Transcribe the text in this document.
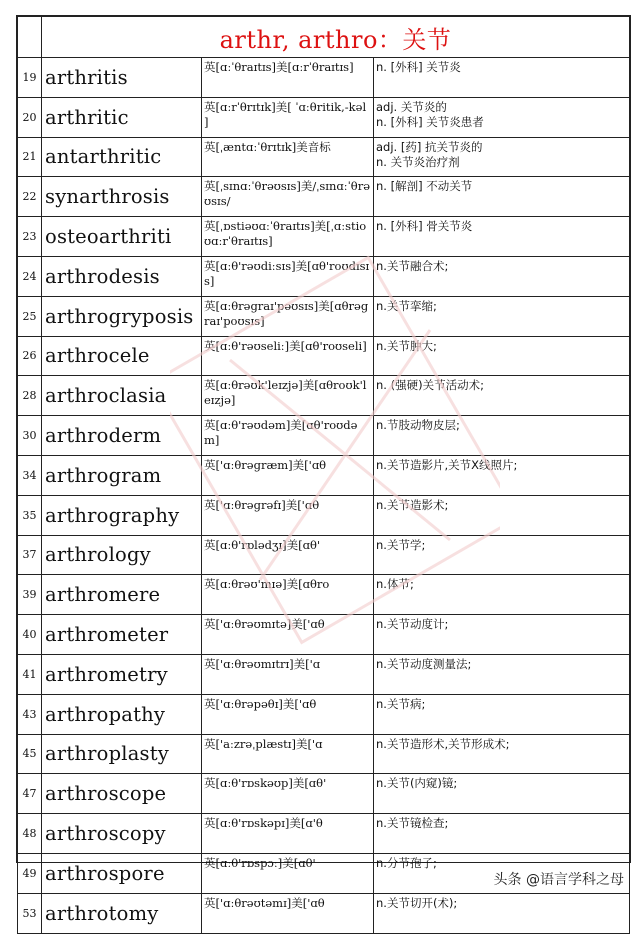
	arthr, arthro：关节		
19	arthritis	英[ɑːˈθraɪtɪs]美[ɑːrˈθraɪtɪs]	n. [外科] 关节炎
20	arthritic	英[ɑːrˈθrɪtɪk]美[ ˈɑːθritik,-kəl ]	adj. 关节炎的
n. [外科] 关节炎患者
21	antarthritic	英[ˌæntɑːˈθrɪtɪk]美音标	adj. [药] 抗关节炎的
n. 关节炎治疗剂
22	synarthrosis	英[ˌsɪnɑːˈθrəʊsɪs]美/ˌsɪnɑːˈθrəʊsɪs/	n. [解剖] 不动关节
23	osteoarthriti	英[ˌɒstiəʊɑːˈθraɪtɪs]美[ˌɑːstioʊɑːrˈθraɪtɪs]	n. [外科] 骨关节炎
24	arthrodesis	英[ɑːθ'rəʊdiːsɪs]美[ɑθ'roʊdɪsɪs]	n.关节融合术;
25	arthrogryposis	英[ɑːθrəgraɪ'pəʊsɪs]美[ɑθrəgraɪ'poʊsɪs]	n.关节挛缩;
26	arthrocele	英[ɑːθ'rəʊseliː]美[ɑθ'roʊseli]	n.关节肿大;
28	arthroclasia	英[ɑːθrəʊk'leɪzjə]美[ɑθroʊk'leɪzjə]	n. (强硬)关节活动术;
30	arthroderm	英[ɑːθ'rəʊdəm]美[ɑθ'roʊdəm]	n.节肢动物皮层;
34	arthrogram	英['ɑːθrəgræm]美['ɑθ	n.关节造影片,关节X线照片;
35	arthrography	英['ɑːθrəgrəfɪ]美['ɑθ	n.关节造影术;
37	arthrology	英[ɑːθ'rɒlədʒɪ]美[ɑθ'	n.关节学;
39	arthromere	英[ɑːθrəʊ'mɪə]美[ɑθro	n.体节;
40	arthrometer	英['ɑːθrəʊmɪtə]美['ɑθ	n.关节动度计;
41	arthrometry	英['ɑːθrəʊmɪtrɪ]美['ɑ	n.关节动度测量法;
43	arthropathy	英['ɑːθrəpəθɪ]美['ɑθ	n.关节病;
45	arthroplasty	英['aːzrəˌplæstɪ]美['ɑ	n.关节造形术,关节形成术;
47	arthroscope	英[ɑːθ'rɒskəʊp]美[ɑθ'	n.关节(内窥)镜;
48	arthroscopy	英[ɑːθ'rɒskəpɪ]美[ɑ'θ	n.关节镜检查;
49	arthrospore	英[ɑːθ'rɒspɔː]美[ɑθ'	n.分节孢子;
53	arthrotomy	英['ɑːθrəʊtəmɪ]美['ɑθ	n.关节切开(术);
头条 @语言学科之母
